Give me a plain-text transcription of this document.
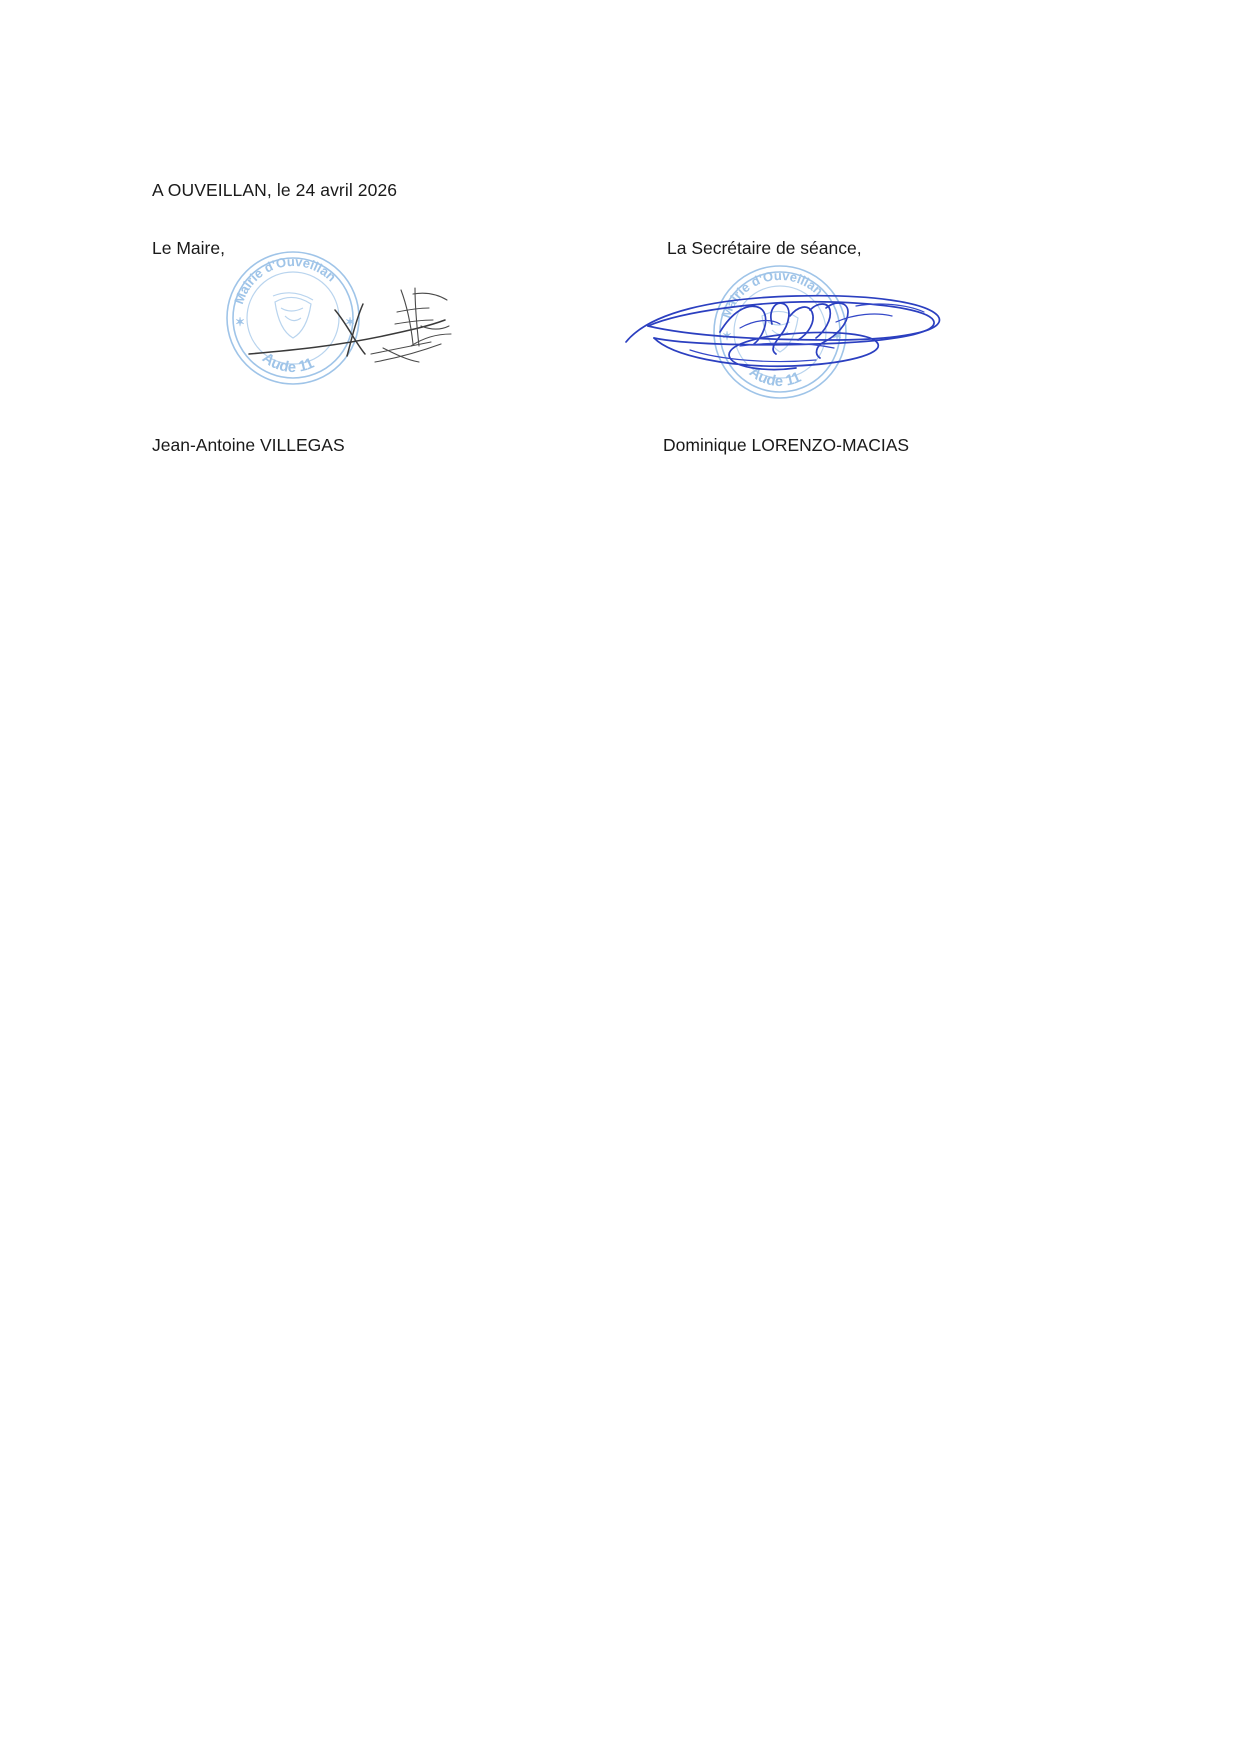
A OUVEILLAN, le 24 avril 2026
Le Maire,	La Secrétaire de séance,
Mairie d'Ouveillan
Aude 11
✶	✶
Mairie d'Ouveillan
Aude 11
✶	✶
Jean-Antoine VILLEGAS	Dominique LORENZO-MACIAS
